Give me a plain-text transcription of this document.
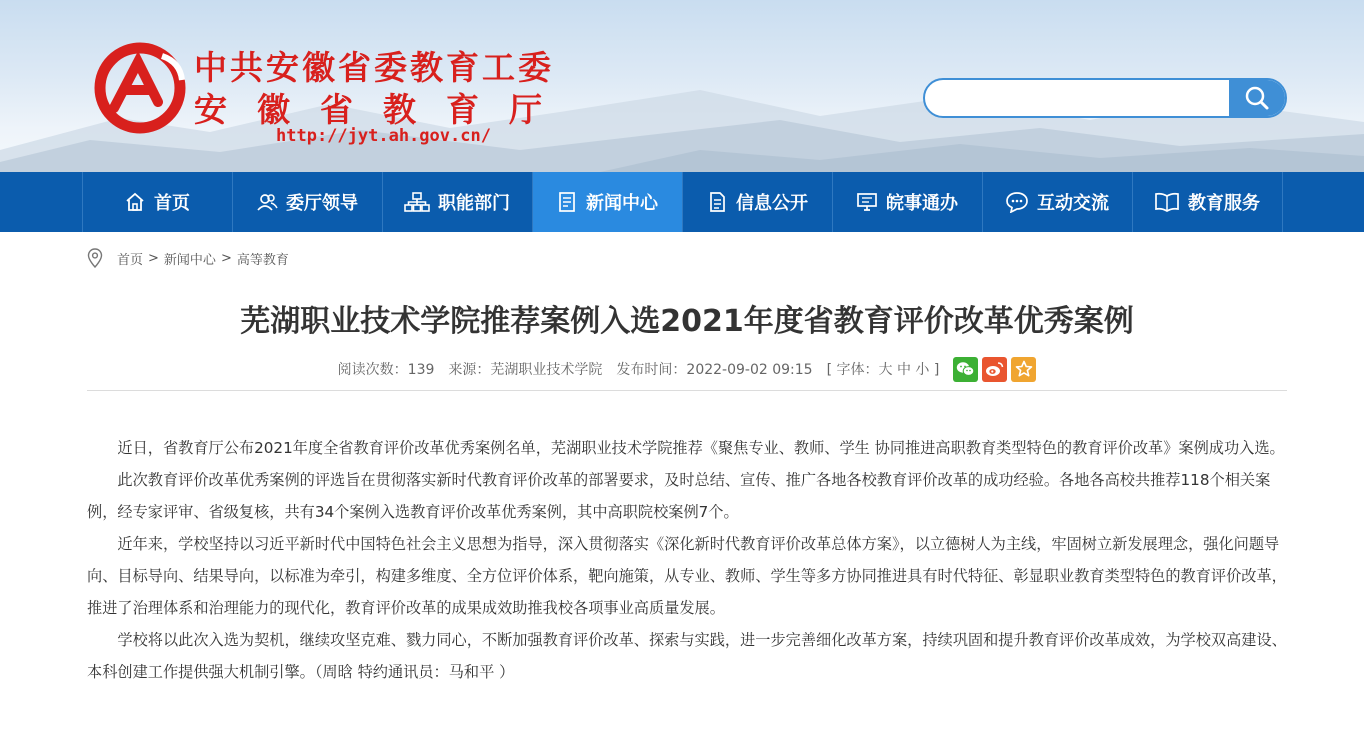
中共安徽省委教育工委
安徽省教育厅
http://jyt.ah.gov.cn/
首页	委厅领导	职能部门	新闻中心	信息公开	皖事通办	互动交流	教育服务
首页 > 新闻中心 > 高等教育
芜湖职业技术学院推荐案例入选2021年度省教育评价改革优秀案例
阅读次数：139 来源：芜湖职业技术学院 发布时间：2022-09-02 09:15 [ 字体：大 中 小 ]

近日，省教育厅公布2021年度全省教育评价改革优秀案例名单，芜湖职业技术学院推荐《聚焦专业、教师、学生 协同推进高职教育类型特色的教育评价改革》案例成功入选。

此次教育评价改革优秀案例的评选旨在贯彻落实新时代教育评价改革的部署要求，及时总结、宣传、推广各地各校教育评价改革的成功经验。各地各高校共推荐118个相关案例，经专家评审、省级复核，共有34个案例入选教育评价改革优秀案例，其中高职院校案例7个。

近年来，学校坚持以习近平新时代中国特色社会主义思想为指导，深入贯彻落实《深化新时代教育评价改革总体方案》，以立德树人为主线，牢固树立新发展理念，强化问题导向、目标导向、结果导向，以标准为牵引，构建多维度、全方位评价体系，靶向施策，从专业、教师、学生等多方协同推进具有时代特征、彰显职业教育类型特色的教育评价改革，推进了治理体系和治理能力的现代化，教育评价改革的成果成效助推我校各项事业高质量发展。

学校将以此次入选为契机，继续攻坚克难、戮力同心，不断加强教育评价改革、探索与实践，进一步完善细化改革方案，持续巩固和提升教育评价改革成效，为学校双高建设、本科创建工作提供强大机制引擎。（周晗 特约通讯员：马和平 ）
